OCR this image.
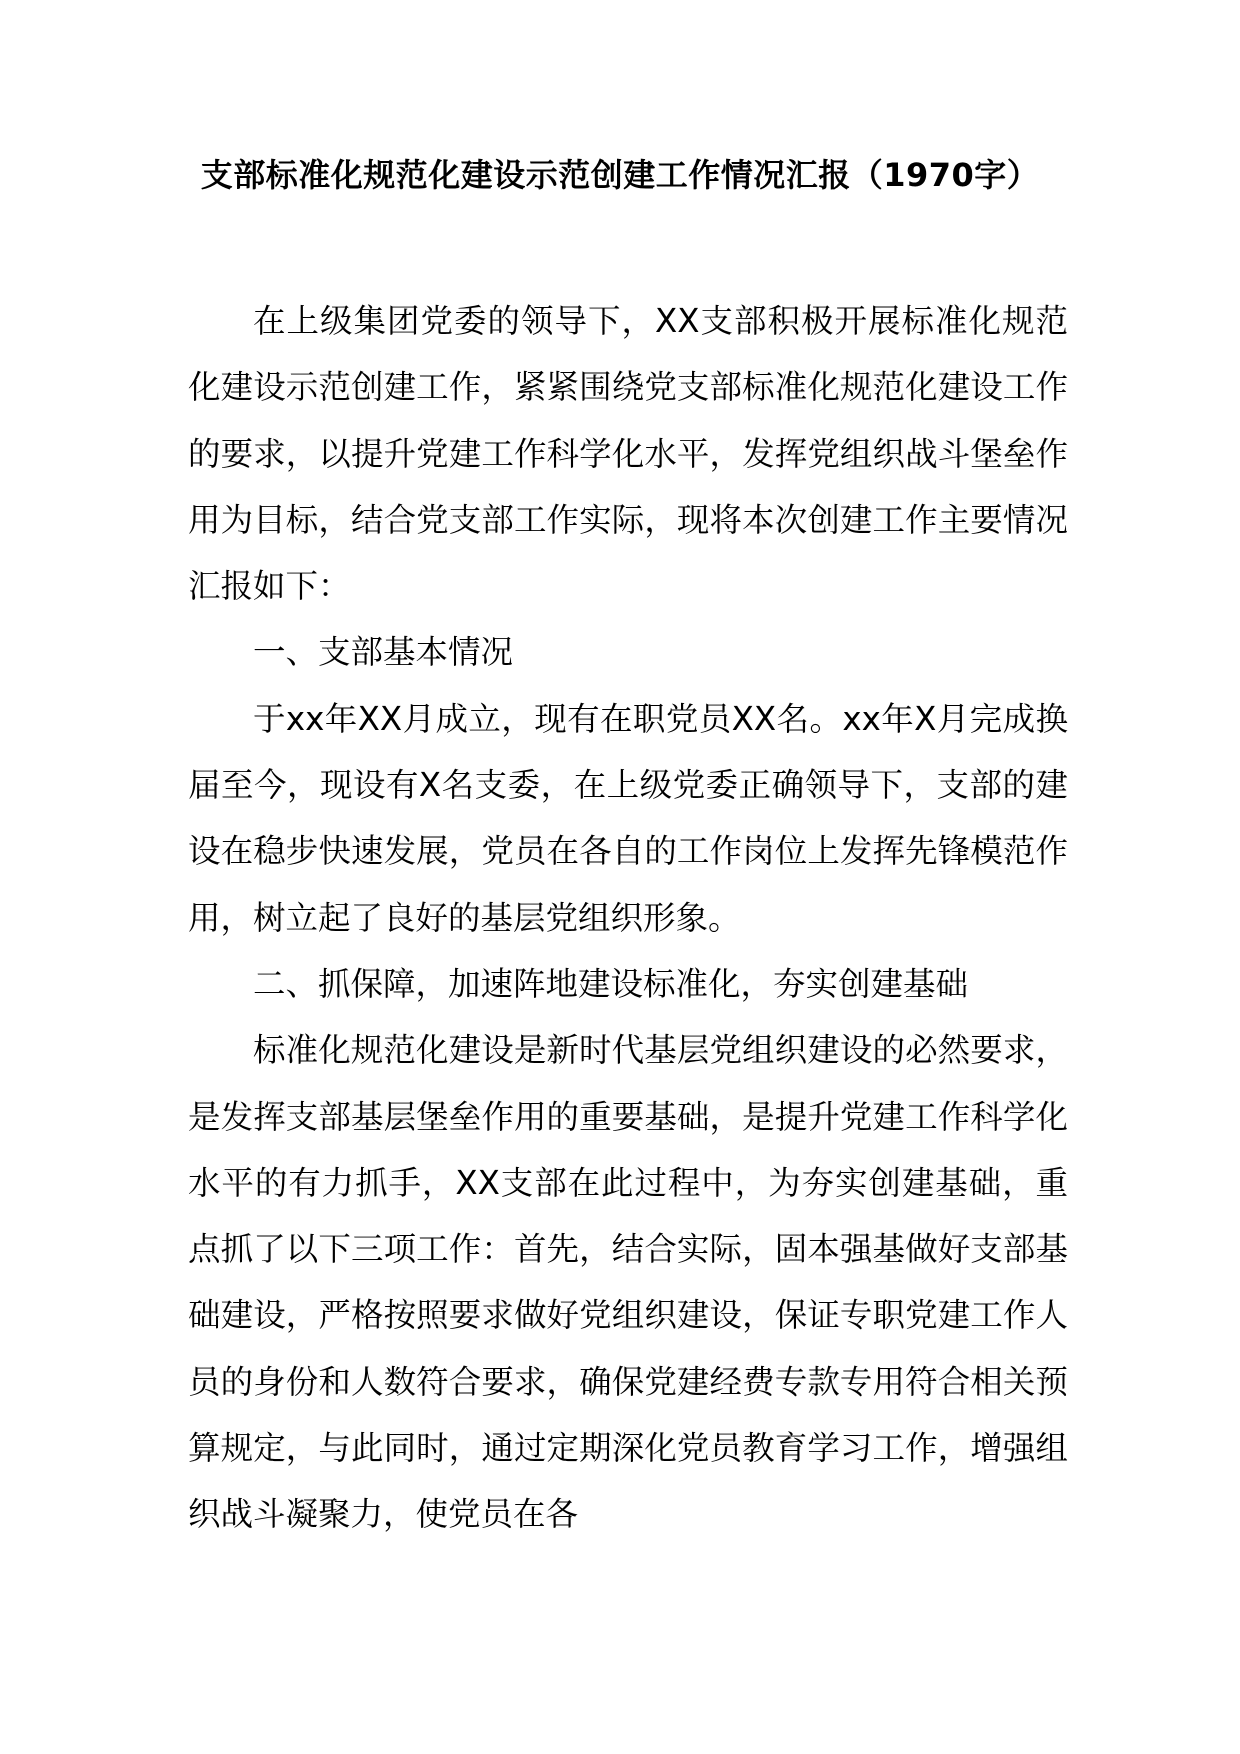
支部标准化规范化建设示范创建工作情况汇报（1970字）

在上级集团党委的领导下，XX支部积极开展标准化规范化建设示范创建工作，紧紧围绕党支部标准化规范化建设工作的要求，以提升党建工作科学化水平，发挥党组织战斗堡垒作用为目标，结合党支部工作实际，现将本次创建工作主要情况汇报如下：

一、支部基本情况

于xx年XX月成立，现有在职党员XX名。xx年X月完成换届至今，现设有X名支委，在上级党委正确领导下，支部的建设在稳步快速发展，党员在各自的工作岗位上发挥先锋模范作用，树立起了良好的基层党组织形象。

二、抓保障，加速阵地建设标准化，夯实创建基础

标准化规范化建设是新时代基层党组织建设的必然要求，是发挥支部基层堡垒作用的重要基础，是提升党建工作科学化水平的有力抓手，XX支部在此过程中，为夯实创建基础，重点抓了以下三项工作：首先，结合实际，固本强基做好支部基础建设，严格按照要求做好党组织建设，保证专职党建工作人员的身份和人数符合要求，确保党建经费专款专用符合相关预算规定，与此同时，通过定期深化党员教育学习工作，增强组织战斗凝聚力，使党员在各
